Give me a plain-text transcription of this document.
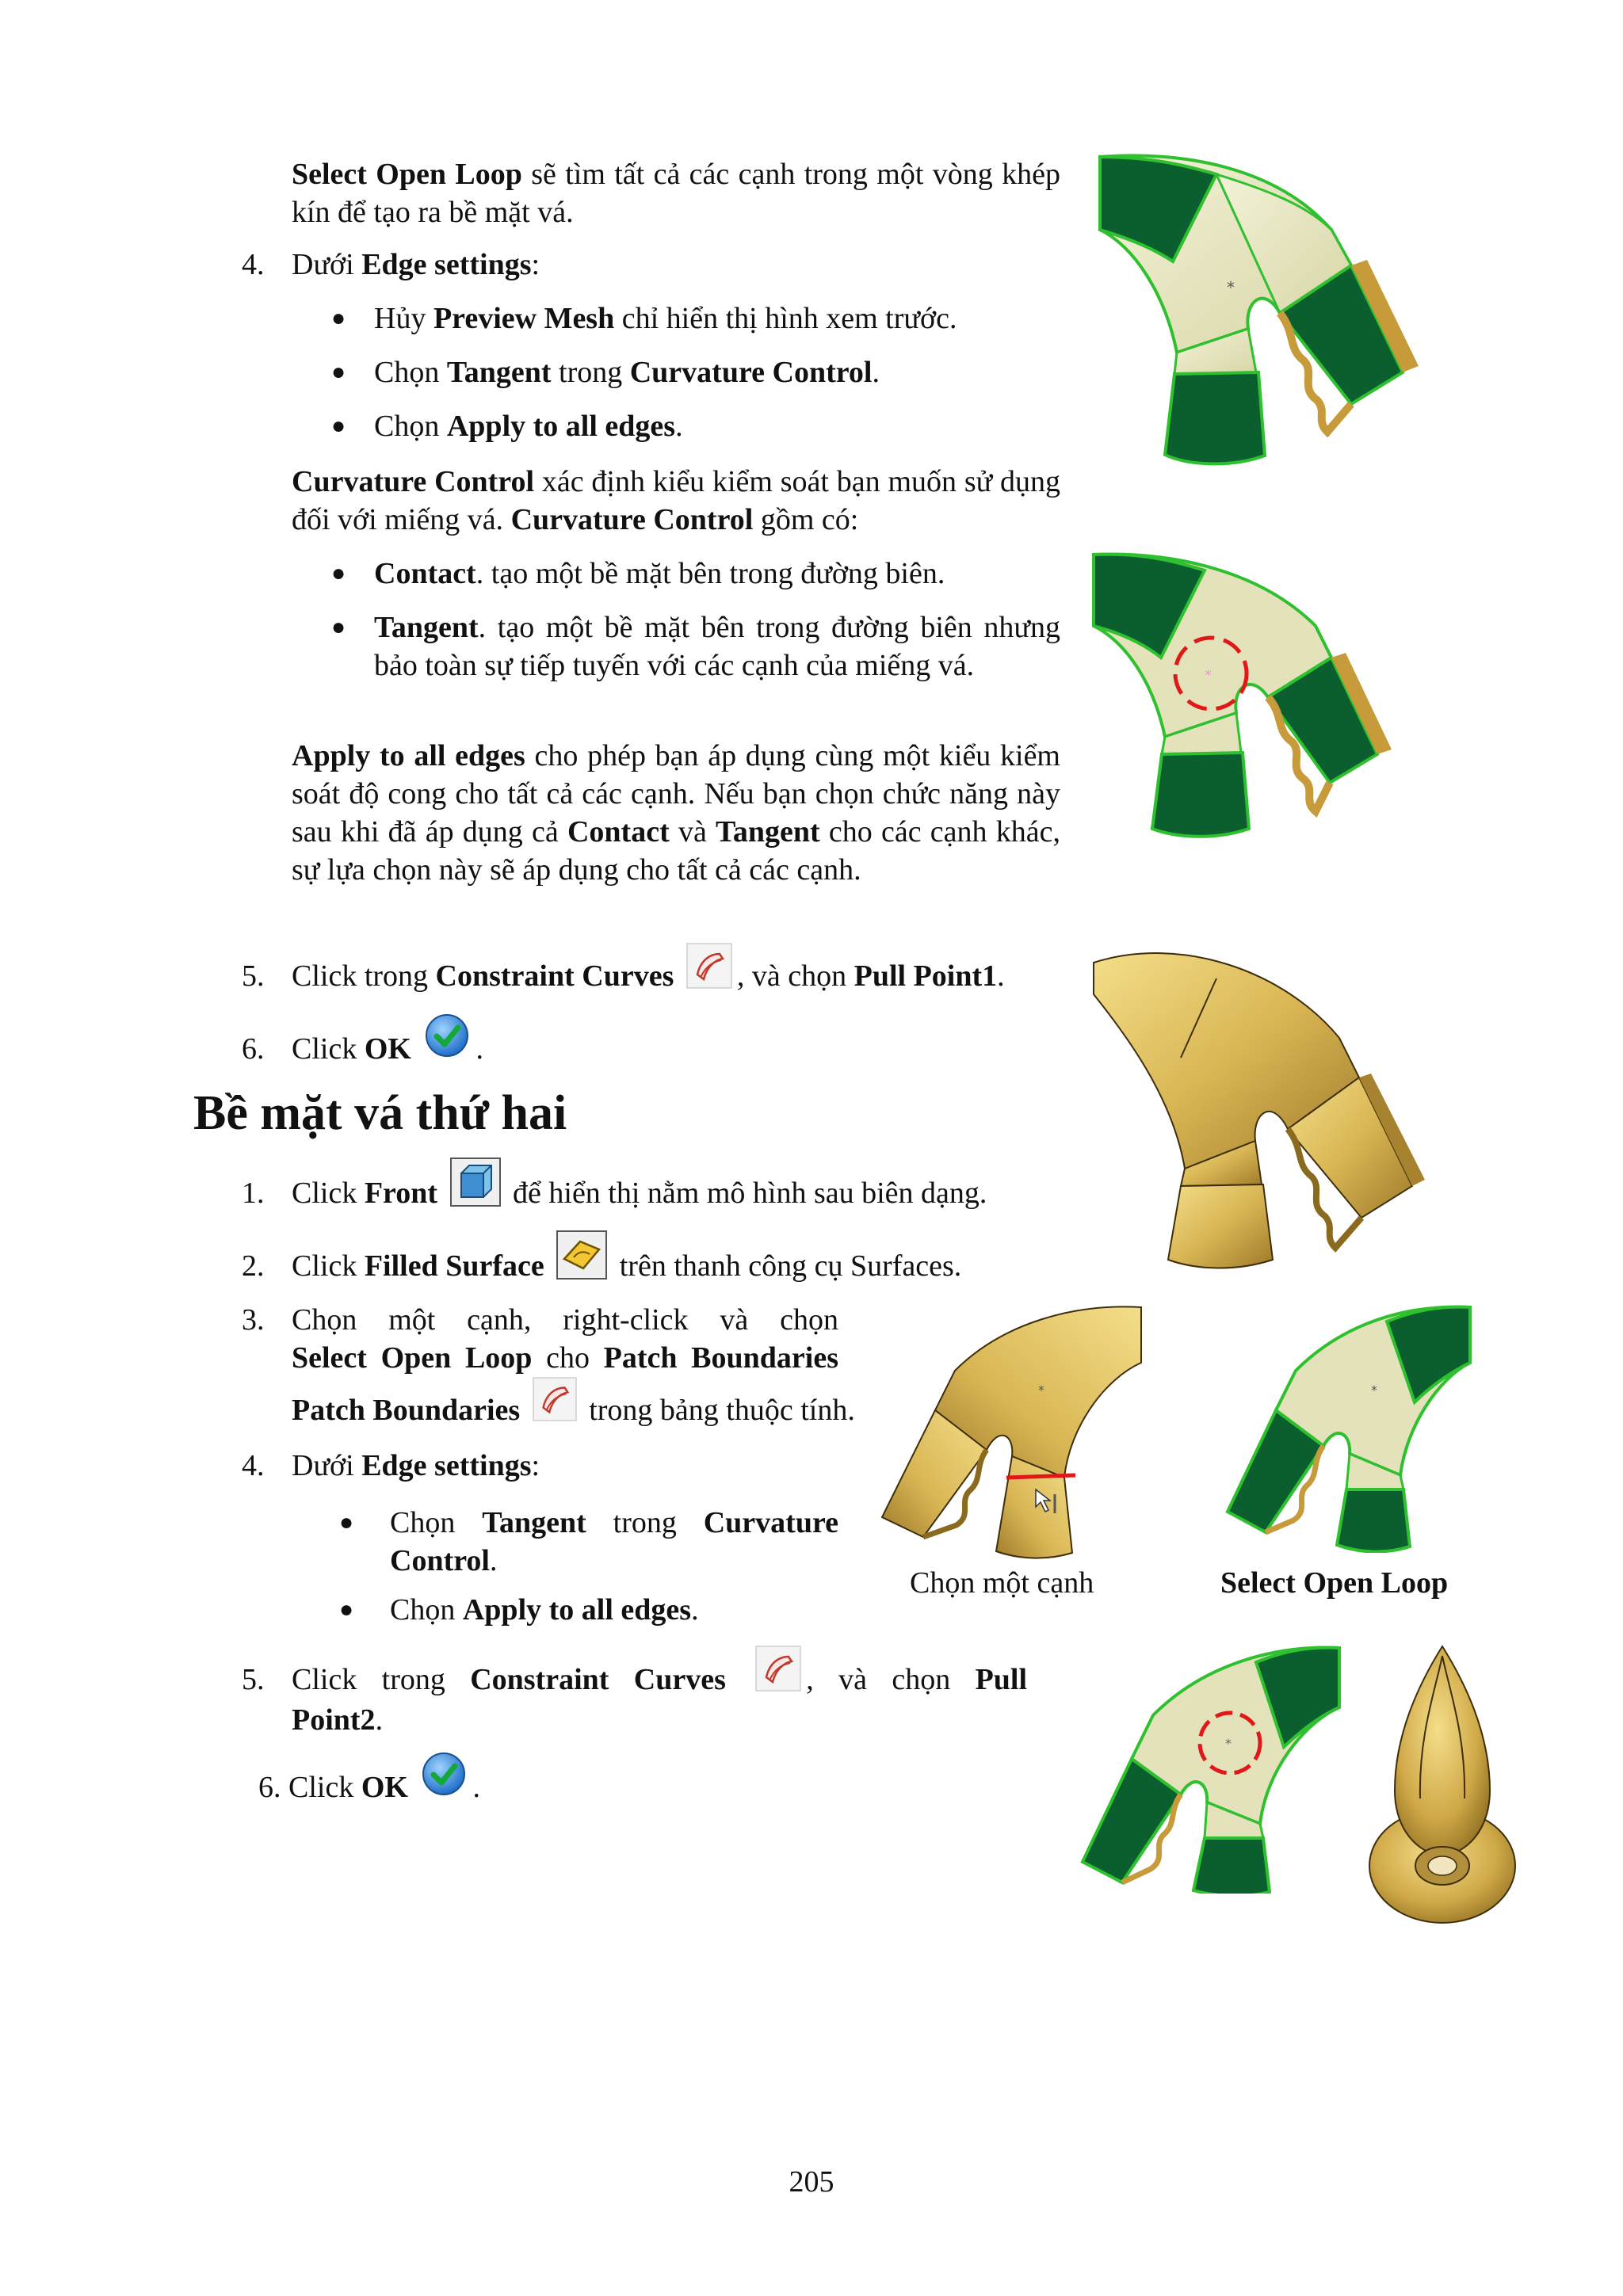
Select Open Loop sẽ tìm tất cả các cạnh trong một vòng khép kín để tạo ra bề mặt vá.
4. Dưới Edge settings:
● Hủy Preview Mesh chỉ hiển thị hình xem trước.
● Chọn Tangent trong Curvature Control.
● Chọn Apply to all edges.
Curvature Control xác định kiểu kiểm soát bạn muốn sử dụng đối với miếng vá. Curvature Control gồm có:
● Contact. tạo một bề mặt bên trong đường biên.
● Tangent. tạo một bề mặt bên trong đường biên nhưng bảo toàn sự tiếp tuyến với các cạnh của miếng vá.
Apply to all edges cho phép bạn áp dụng cùng một kiểu kiểm soát độ cong cho tất cả các cạnh. Nếu bạn chọn chức năng này sau khi đã áp dụng cả Contact và Tangent cho các cạnh khác, sự lựa chọn này sẽ áp dụng cho tất cả các cạnh.
5. Click trong Constraint Curves , và chọn Pull Point1.
6. Click OK .
Bề mặt vá thứ hai
1. Click Front  để hiển thị nằm mô hình sau biên dạng.
2. Click Filled Surface  trên thanh công cụ Surfaces.
3. Chọn một cạnh, right-click và chọn
Select Open Loop cho Patch Boundaries
Patch Boundaries  trong bảng thuộc tính.
4. Dưới Edge settings:
● Chọn Tangent trong Curvature
Control.
● Chọn Apply to all edges.
5. Click trong Constraint Curves	, và chọn Pull
Point2.
6. Click OK .
*
*
*	*
Chọn một cạnh	Select Open Loop
*
205
